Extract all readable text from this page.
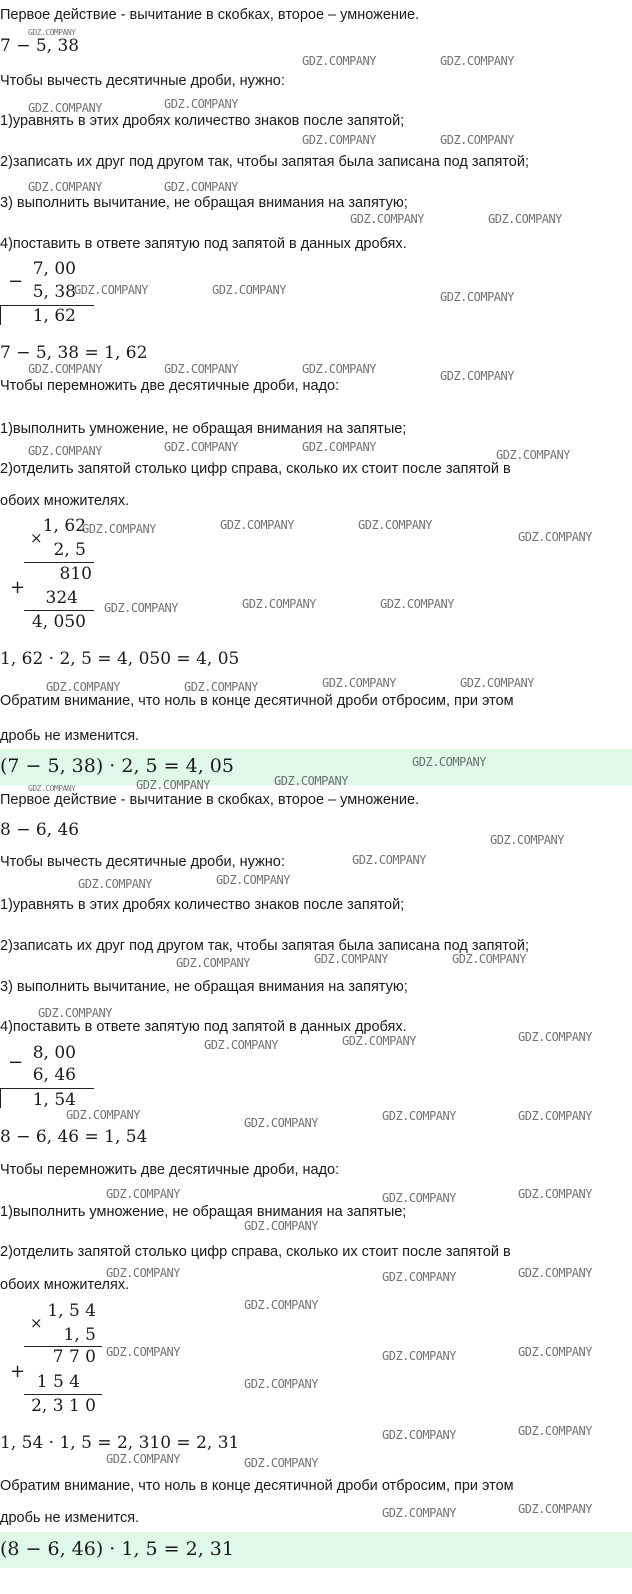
Первое действие - вычитание в скобках, второе – умножение.
7 − 5, 38
Чтобы вычесть десятичные дроби, нужно:
1)уравнять в этих дробях количество знаков после запятой;
2)записать их друг под другом так, чтобы запятая была записана под запятой;
3) выполнить вычитание, не обращая внимания на запятую;
4)поставить в ответе запятую под запятой в данных дробях.
−
7, 00
5, 38
1, 62
7 − 5, 38 = 1, 62
Чтобы перемножить две десятичные дроби, надо:
1)выполнить умножение, не обращая внимания на запятые;
2)отделить запятой столько цифр справа, сколько их стоит после запятой в
обоих множителях.
×
1, 62
2, 5
810
+	324
4, 050
1, 62 · 2, 5 = 4, 050 = 4, 05
Обратим внимание, что ноль в конце десятичной дроби отбросим, при этом
дробь не изменится.
(7 − 5, 38) · 2, 5 = 4, 05
Первое действие - вычитание в скобках, второе – умножение.
8 − 6, 46
Чтобы вычесть десятичные дроби, нужно:
1)уравнять в этих дробях количество знаков после запятой;
2)записать их друг под другом так, чтобы запятая была записана под запятой;
3) выполнить вычитание, не обращая внимания на запятую;
4)поставить в ответе запятую под запятой в данных дробях.
− 8, 00
6, 46
1, 54
8 − 6, 46 = 1, 54
Чтобы перемножить две десятичные дроби, надо:
1)выполнить умножение, не обращая внимания на запятые;
2)отделить запятой столько цифр справа, сколько их стоит после запятой в
обоих множителях.
×
1, 5 4
1, 5
7 7 0
+ 1 5 4
2, 3 1 0
1, 54 · 1, 5 = 2, 310 = 2, 31
Обратим внимание, что ноль в конце десятичной дроби отбросим, при этом
дробь не изменится.
(8 − 6, 46) · 1, 5 = 2, 31
GDZ.COMPANY
GDZ.COMPANY	GDZ.COMPANY
GDZ.COMPANY	GDZ.COMPANY
GDZ.COMPANY	GDZ.COMPANY
GDZ.COMPANY	GDZ.COMPANY
GDZ.COMPANY	GDZ.COMPANY
GDZ.COMPANY	GDZ.COMPANY	GDZ.COMPANY
GDZ.COMPANY	GDZ.COMPANY	GDZ.COMPANY	GDZ.COMPANY
GDZ.COMPANY	GDZ.COMPANY	GDZ.COMPANY
GDZ.COMPANY
GDZ.COMPANY	GDZ.COMPANY	GDZ.COMPANY
GDZ.COMPANY
GDZ.COMPANY	GDZ.COMPANY	GDZ.COMPANY
GDZ.COMPANY	GDZ.COMPANY	GDZ.COMPANY	GDZ.COMPANY
GDZ.COMPANY
GDZ.COMPANY	GDZ.COMPANY	GDZ.COMPANY
GDZ.COMPANY
GDZ.COMPANY
GDZ.COMPANY	GDZ.COMPANY
GDZ.COMPANY	GDZ.COMPANY	GDZ.COMPANY
GDZ.COMPANY
GDZ.COMPANY	GDZ.COMPANY	GDZ.COMPANY
GDZ.COMPANY
GDZ.COMPANY	GDZ.COMPANY	GDZ.COMPANY
GDZ.COMPANY	GDZ.COMPANY
GDZ.COMPANY
GDZ.COMPANY
GDZ.COMPANY	GDZ.COMPANY	GDZ.COMPANY
GDZ.COMPANY
GDZ.COMPANY	GDZ.COMPANY	GDZ.COMPANY
GDZ.COMPANY
GDZ.COMPANY	GDZ.COMPANY
GDZ.COMPANY	GDZ.COMPANY
GDZ.COMPANY	GDZ.COMPANY
